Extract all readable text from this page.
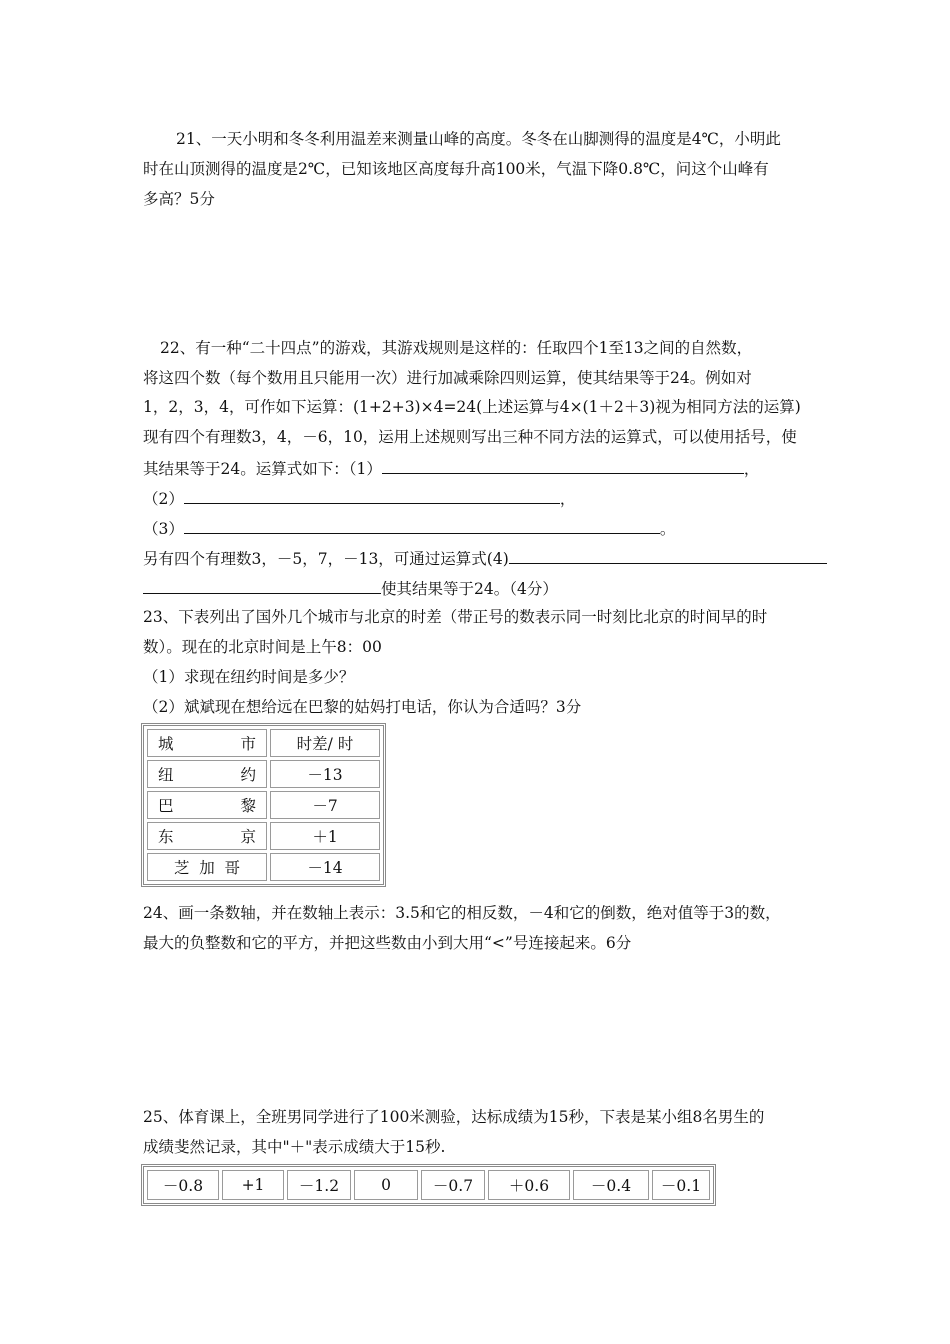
21、一天小明和冬冬利用温差来测量山峰的高度。冬冬在山脚测得的温度是4℃，小明此
时在山顶测得的温度是2℃，已知该地区高度每升高100米，气温下降0.8℃，问这个山峰有
多高？5分
22、有一种“二十四点”的游戏，其游戏规则是这样的：任取四个1至13之间的自然数，
将这四个数（每个数用且只能用一次）进行加减乘除四则运算，使其结果等于24。例如对
1，2，3，4，可作如下运算：(1+2+3)×4=24(上述运算与4×(1＋2＋3)视为相同方法的运算)
现有四个有理数3，4，－6，10，运用上述规则写出三种不同方法的运算式，可以使用括号，使
其结果等于24。运算式如下：（1）	，
（2）	，
（3）	。
另有四个有理数3，－5，7，－13，可通过运算式(4)
使其结果等于24。（4分）
23、下表列出了国外几个城市与北京的时差（带正号的数表示同一时刻比北京的时间早的时
数）。现在的北京时间是上午8：00
（1）求现在纽约时间是多少？
（2）斌斌现在想给远在巴黎的姑妈打电话，你认为合适吗？3分
城 市	时差/ 时

纽 约	－13

巴 黎	－7

东 京	＋1

芝 加 哥	－14
24、画一条数轴，并在数轴上表示：3.5和它的相反数，－4和它的倒数，绝对值等于3的数，
最大的负整数和它的平方，并把这些数由小到大用“<”号连接起来。6分
25、体育课上，全班男同学进行了100米测验，达标成绩为15秒，下表是某小组8名男生的
成绩斐然记录，其中"＋"表示成绩大于15秒.
－0.8	+1	－1.2	0	－0.7	＋0.6	－0.4	－0.1
